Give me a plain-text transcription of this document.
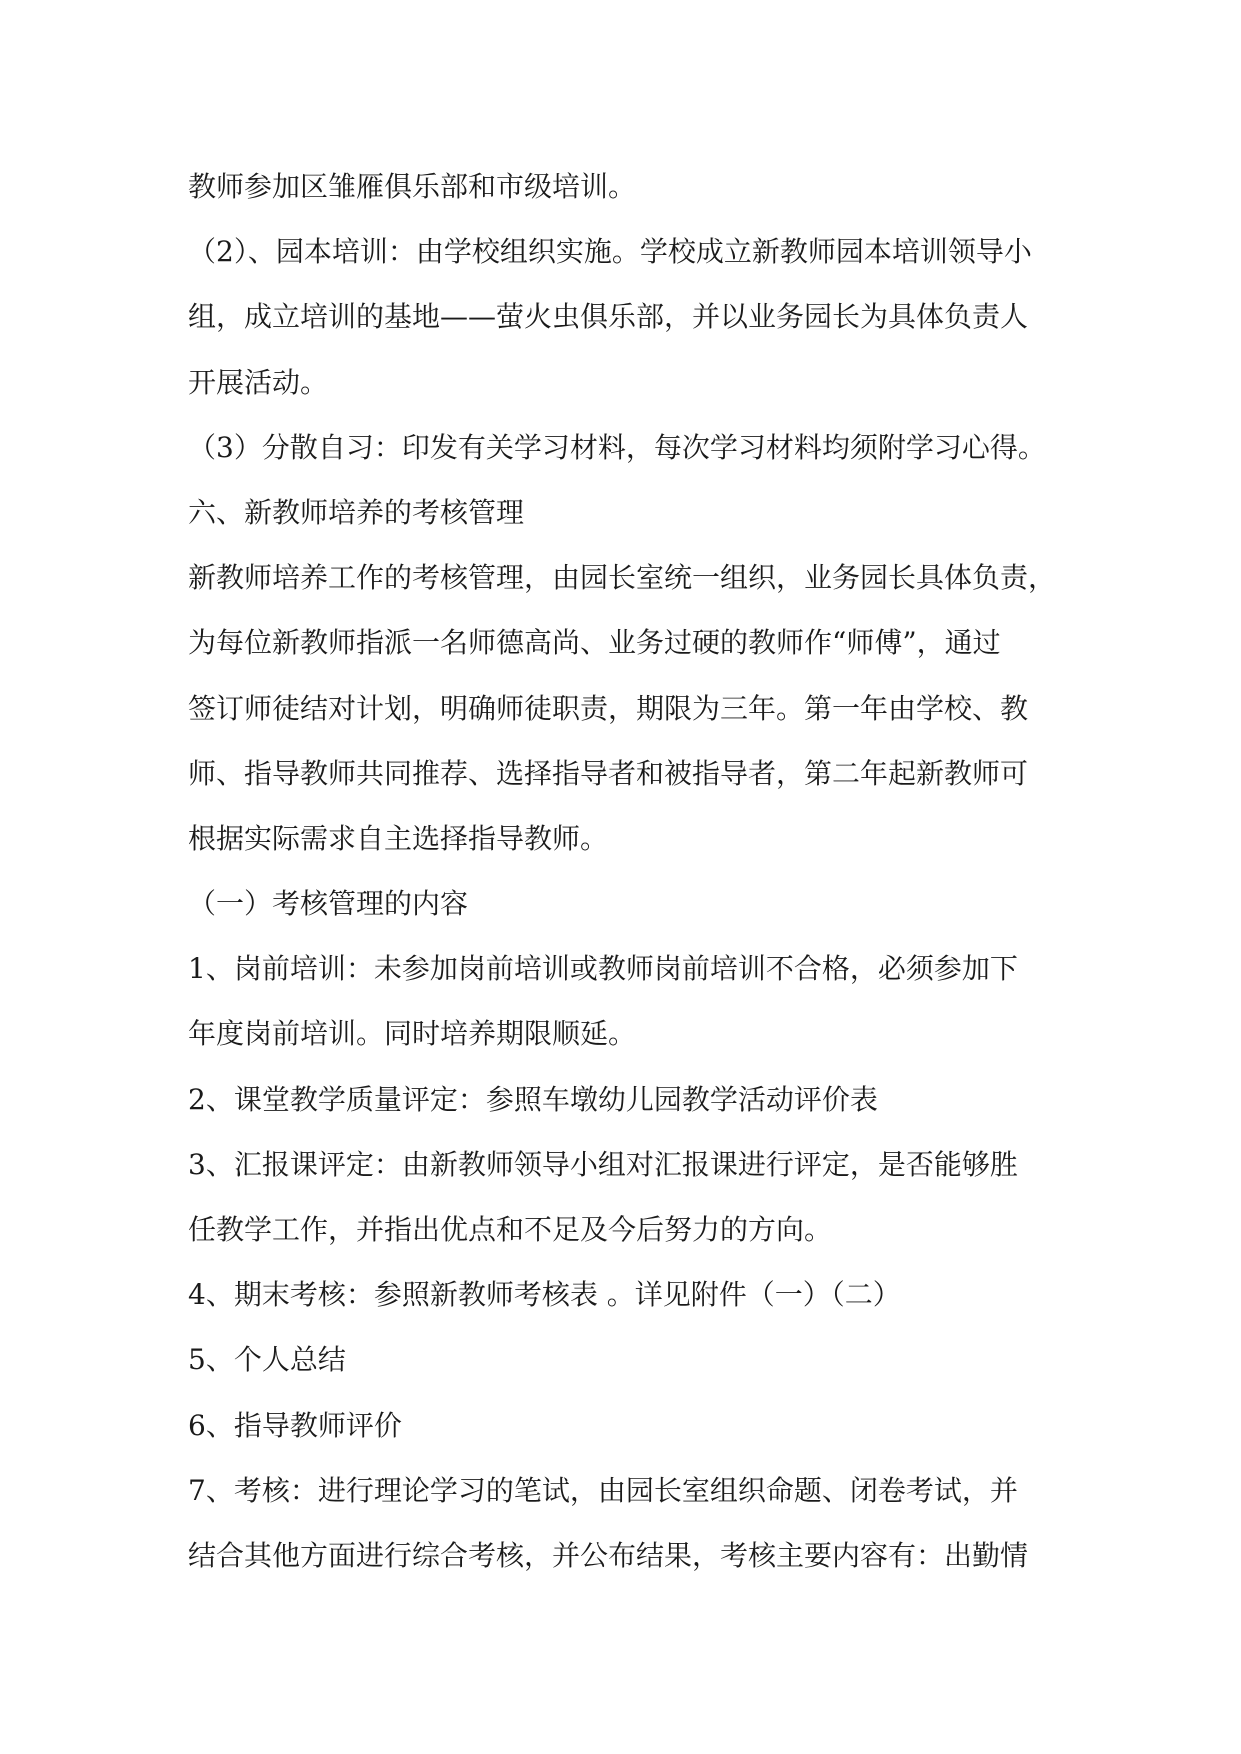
教师参加区雏雁俱乐部和市级培训。
（2）、园本培训：由学校组织实施。学校成立新教师园本培训领导小
组，成立培训的基地——萤火虫俱乐部，并以业务园长为具体负责人
开展活动。
（3）分散自习：印发有关学习材料，每次学习材料均须附学习心得。
六、新教师培养的考核管理
新教师培养工作的考核管理，由园长室统一组织，业务园长具体负责，
为每位新教师指派一名师德高尚、业务过硬的教师作“师傅”，通过
签订师徒结对计划，明确师徒职责，期限为三年。第一年由学校、教
师、指导教师共同推荐、选择指导者和被指导者，第二年起新教师可
根据实际需求自主选择指导教师。
（一）考核管理的内容
1、岗前培训：未参加岗前培训或教师岗前培训不合格，必须参加下
年度岗前培训。同时培养期限顺延。
2、课堂教学质量评定：参照车墩幼儿园教学活动评价表
3、汇报课评定：由新教师领导小组对汇报课进行评定，是否能够胜
任教学工作，并指出优点和不足及今后努力的方向。
4、期末考核：参照新教师考核表 。详见附件（一）（二）
5、个人总结
6、指导教师评价
7、考核：进行理论学习的笔试，由园长室组织命题、闭卷考试，并
结合其他方面进行综合考核，并公布结果，考核主要内容有：出勤情
